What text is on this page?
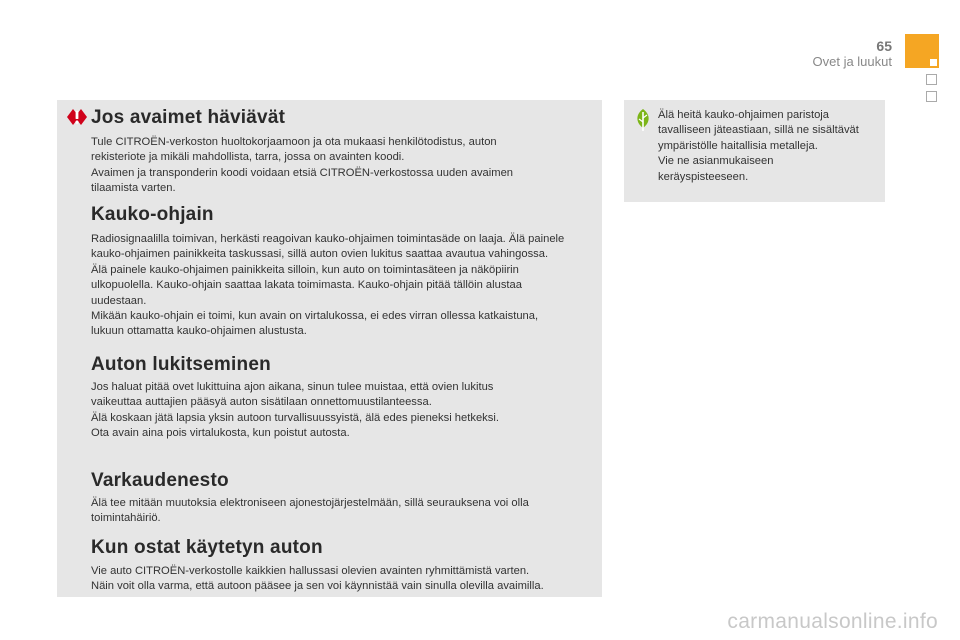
65
Ovet ja luukut
Jos avaimet häviävät

Tule CITROËN-verkoston huoltokorjaamoon ja ota mukaasi henkilötodistus, auton
rekisteriote ja mikäli mahdollista, tarra, jossa on avainten koodi.
Avaimen ja transponderin koodi voidaan etsiä CITROËN-verkostossa uuden avaimen
tilaamista varten.

Kauko-ohjain

Radiosignaalilla toimivan, herkästi reagoivan kauko-ohjaimen toimintasäde on laaja. Älä painele
kauko-ohjaimen painikkeita taskussasi, sillä auton ovien lukitus saattaa avautua vahingossa.
Älä painele kauko-ohjaimen painikkeita silloin, kun auto on toimintasäteen ja näköpiirin
ulkopuolella. Kauko-ohjain saattaa lakata toimimasta. Kauko-ohjain pitää tällöin alustaa
uudestaan.
Mikään kauko-ohjain ei toimi, kun avain on virtalukossa, ei edes virran ollessa katkaistuna,
lukuun ottamatta kauko-ohjaimen alustusta.

Auton lukitseminen

Jos haluat pitää ovet lukittuina ajon aikana, sinun tulee muistaa, että ovien lukitus
vaikeuttaa auttajien pääsyä auton sisätilaan onnettomuustilanteessa.
Älä koskaan jätä lapsia yksin autoon turvallisuussyistä, älä edes pieneksi hetkeksi.
Ota avain aina pois virtalukosta, kun poistut autosta.

Varkaudenesto

Älä tee mitään muutoksia elektroniseen ajonestojärjestelmään, sillä seurauksena voi olla
toimintahäiriö.

Kun ostat käytetyn auton

Vie auto CITROËN-verkostolle kaikkien hallussasi olevien avainten ryhmittämistä varten.
Näin voit olla varma, että autoon pääsee ja sen voi käynnistää vain sinulla olevilla avaimilla.

Älä heitä kauko-ohjaimen paristoja
tavalliseen jäteastiaan, sillä ne sisältävät
ympäristölle haitallisia metalleja.
Vie ne asianmukaiseen
keräyspisteeseen.

carmanualsonline.info
